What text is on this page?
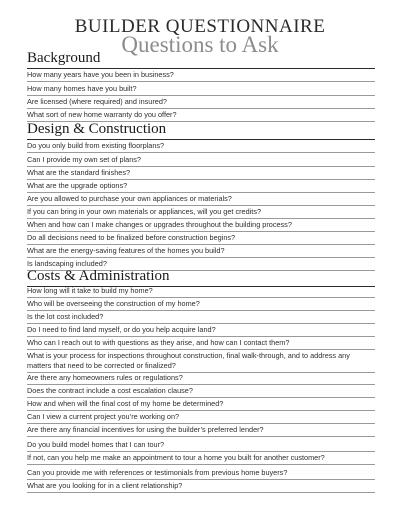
BUILDER QUESTIONNAIRE
Questions to Ask
Background
How many years have you been in business?
How many homes have you built?
Are licensed (where required) and insured?
What sort of new home warranty do you offer?
Design & Construction
Do you only build from existing floorplans?
Can I provide my own set of plans?
What are the standard finishes?
What are the upgrade options?
Are you allowed to purchase your own appliances or materials?
If you can bring in your own materials or appliances, will you get credits?
When and how can I make changes or upgrades throughout the building process?
Do all decisions need to be finalized before construction begins?
What are the energy-saving features of the homes you build?
Is landscaping included?
Costs & Administration
How long will it take to build my home?
Who will be overseeing the construction of my home?
Is the lot cost included?
Do I need to find land myself, or do you help acquire land?
Who can I reach out to with questions as they arise, and how can I contact them?
What is your process for inspections throughout construction, final walk-through, and to address any matters that need to be corrected or finalized?
Are there any homeowners rules or regulations?
Does the contract include a cost escalation clause?
How and when will the final cost of my home be determined?
Can I view a current project you’re working on?
Are there any financial incentives for using the builder’s preferred lender?
Do you build model homes that I can tour?
If not, can you help me make an appointment to tour a home you built for another customer?
Can you provide me with references or testimonials from previous home buyers?
What are you looking for in a client relationship?
